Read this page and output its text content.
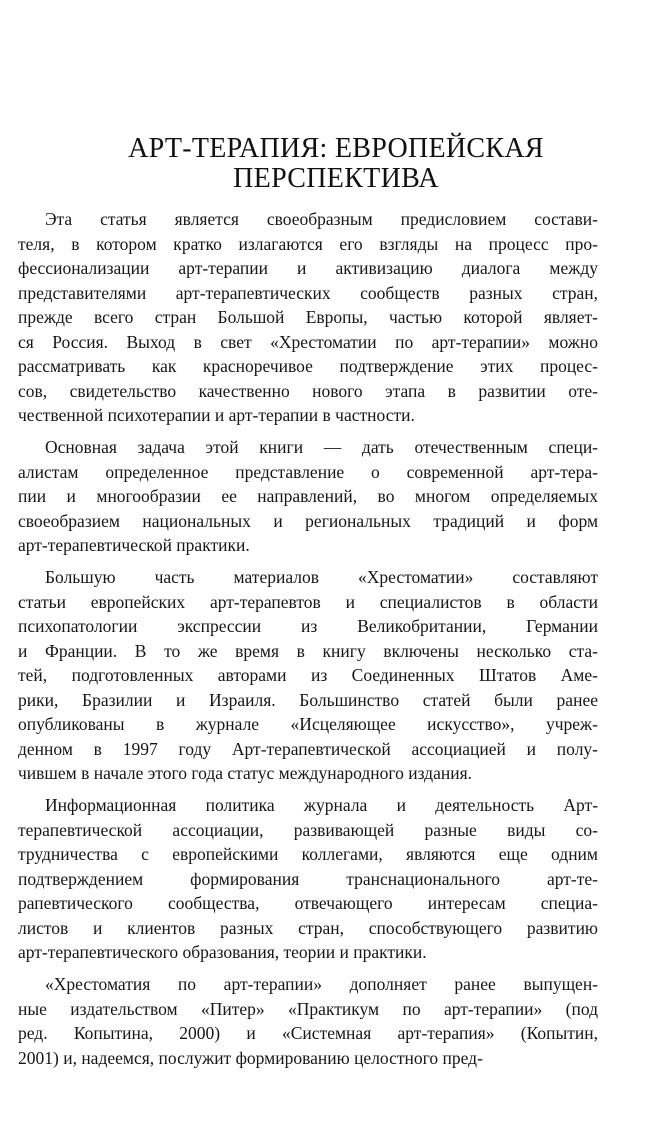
АРТ-ТЕРАПИЯ: ЕВРОПЕЙСКАЯ
ПЕРСПЕКТИВА
Эта статья является своеобразным предисловием состави-
теля, в котором кратко излагаются его взгляды на процесс про-
фессионализации арт-терапии и активизацию диалога между
представителями арт-терапевтических сообществ разных стран,
прежде всего стран Большой Европы, частью которой являет-
ся Россия. Выход в свет «Хрестоматии по арт-терапии» можно
рассматривать как красноречивое подтверждение этих процес-
сов, свидетельство качественно нового этапа в развитии оте-
чественной психотерапии и арт-терапии в частности.
Основная задача этой книги — дать отечественным специ-
алистам определенное представление о современной арт-тера-
пии и многообразии ее направлений, во многом определяемых
своеобразием национальных и региональных традиций и форм
арт-терапевтической практики.
Большую часть материалов «Хрестоматии» составляют
статьи европейских арт-терапевтов и специалистов в области
психопатологии экспрессии из Великобритании, Германии
и Франции. В то же время в книгу включены несколько ста-
тей, подготовленных авторами из Соединенных Штатов Аме-
рики, Бразилии и Израиля. Большинство статей были ранее
опубликованы в журнале «Исцеляющее искусство», учреж-
денном в 1997 году Арт-терапевтической ассоциацией и полу-
чившем в начале этого года статус международного издания.
Информационная политика журнала и деятельность Арт-
терапевтической ассоциации, развивающей разные виды со-
трудничества с европейскими коллегами, являются еще одним
подтверждением формирования транснационального арт-те-
рапевтического сообщества, отвечающего интересам специа-
листов и клиентов разных стран, способствующего развитию
арт-терапевтического образования, теории и практики.
«Хрестоматия по арт-терапии» дополняет ранее выпущен-
ные издательством «Питер» «Практикум по арт-терапии» (под
ред. Копытина, 2000) и «Системная арт-терапия» (Копытин,
2001) и, надеемся, послужит формированию целостного пред-
